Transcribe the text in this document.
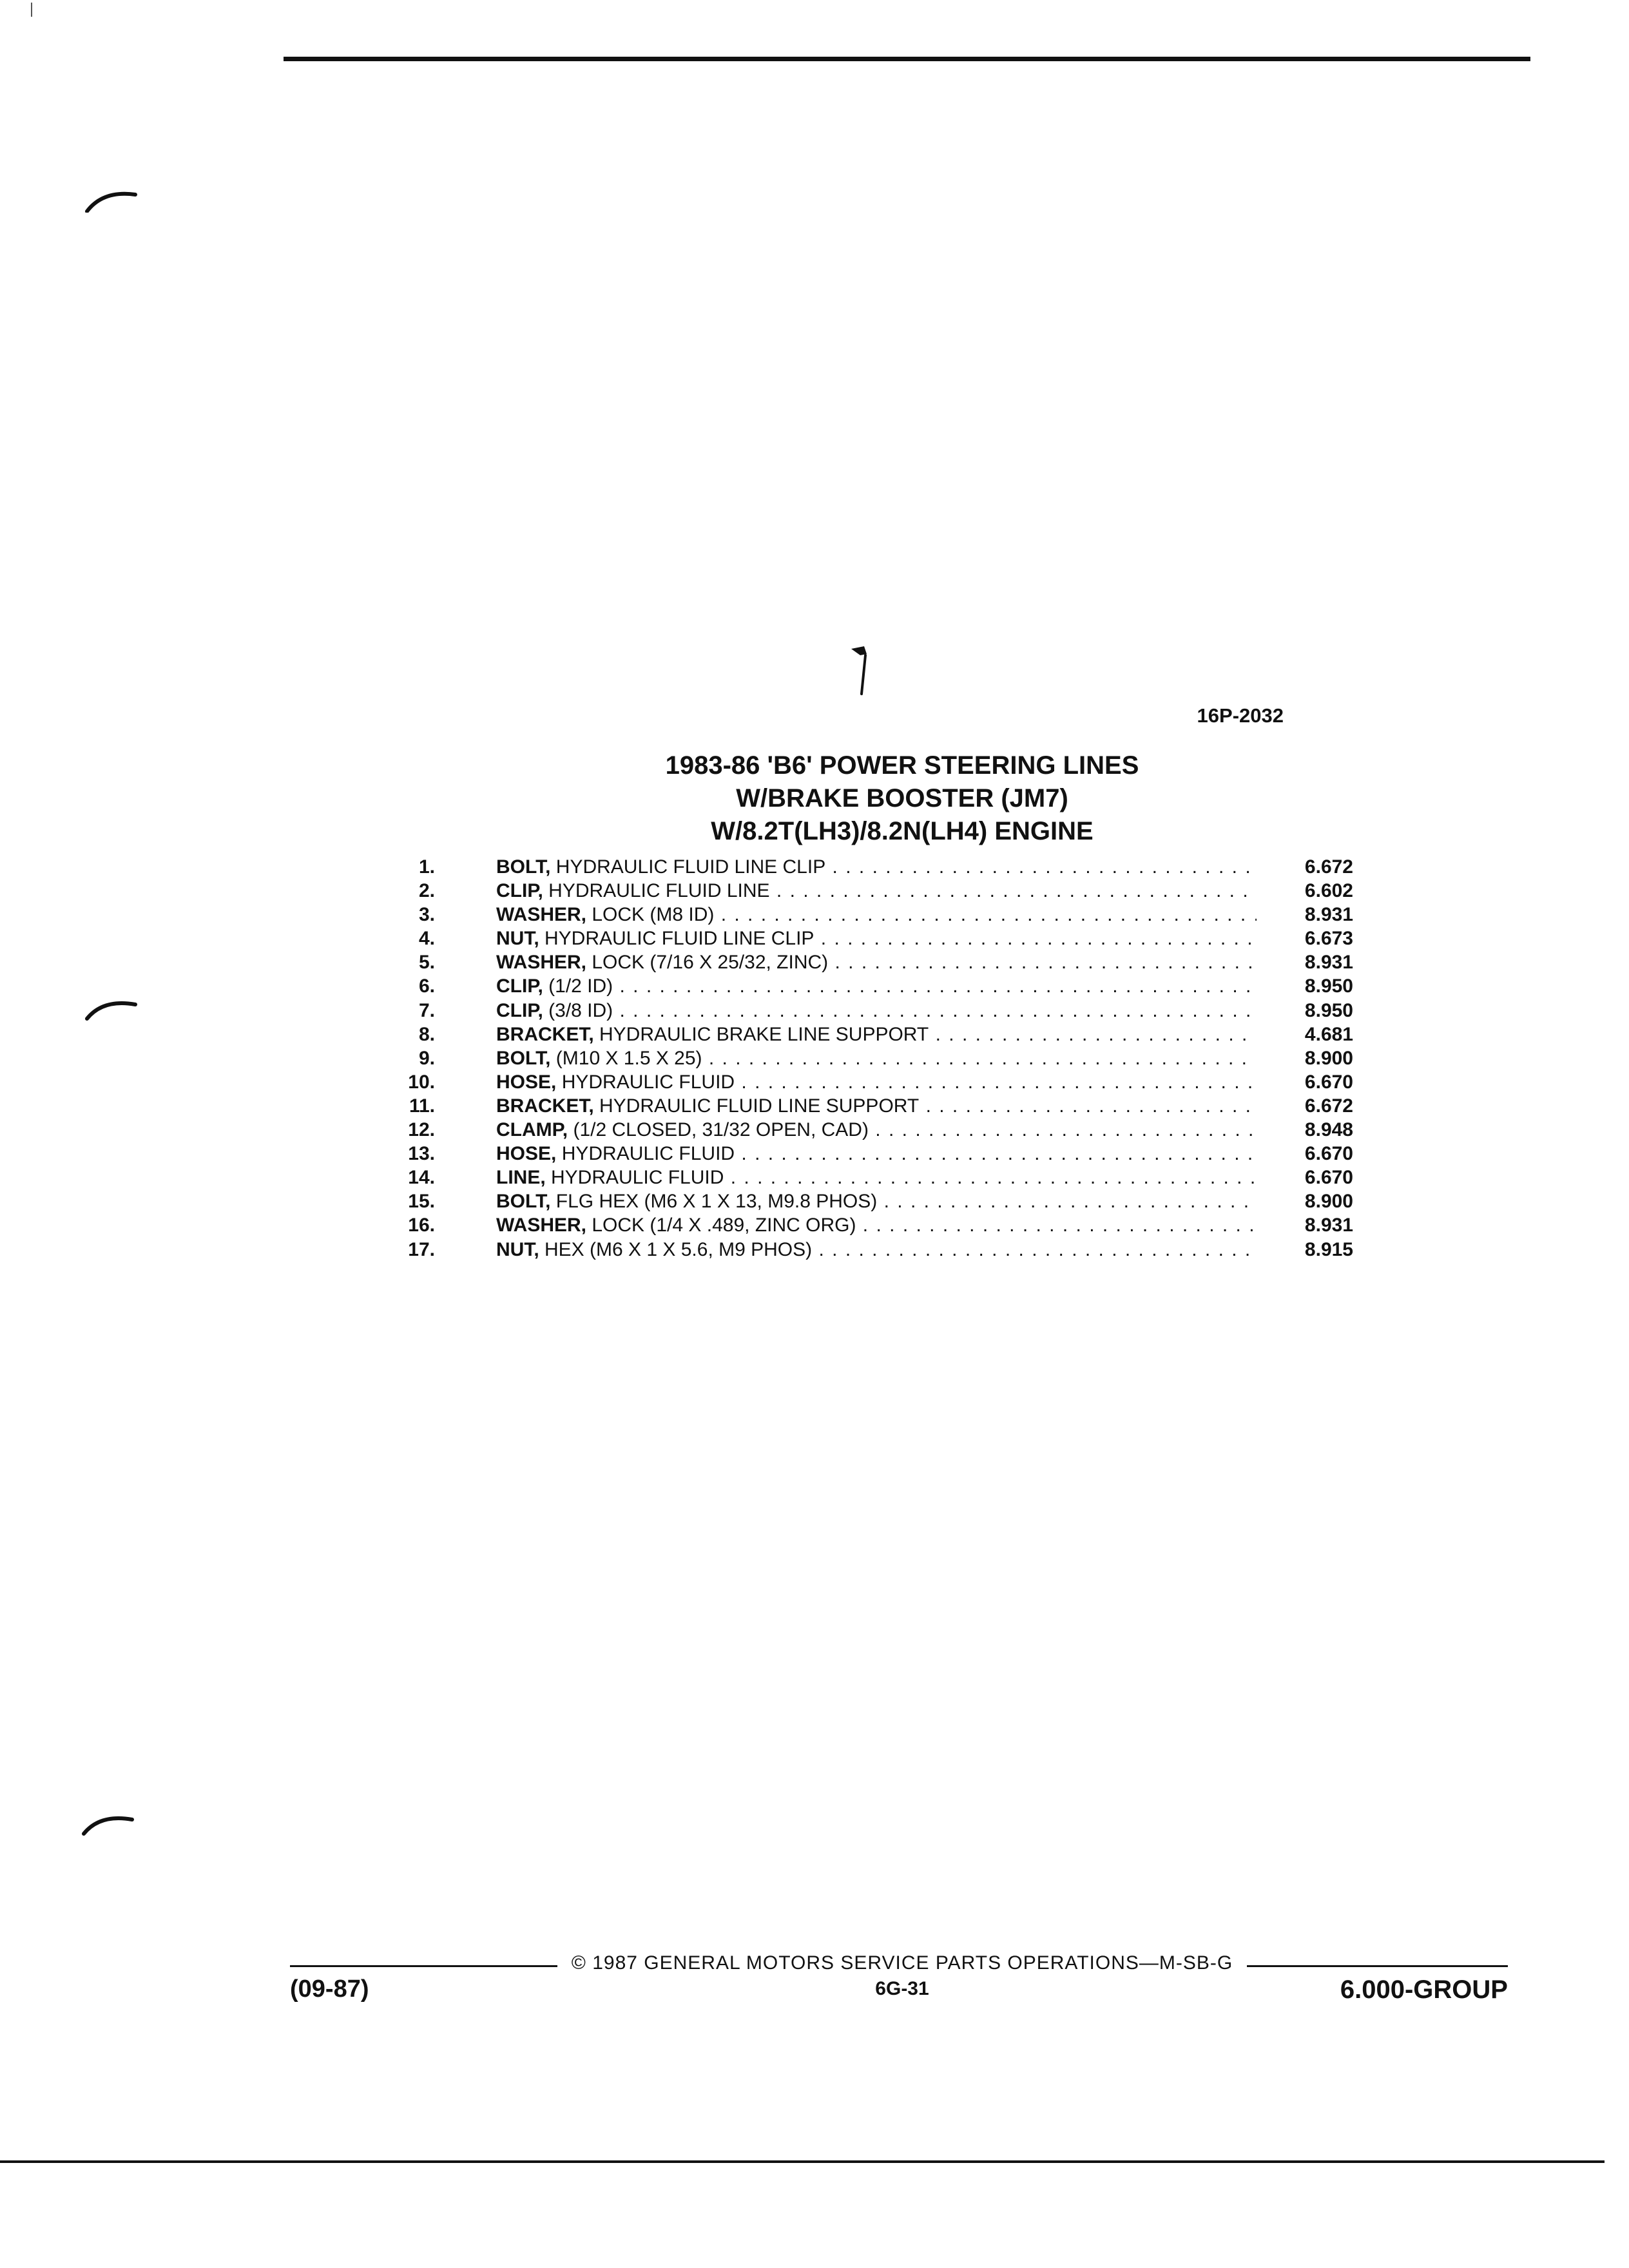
16P-2032
1983-86 'B6' POWER STEERING LINES
W/BRAKE BOOSTER (JM7)
W/8.2T(LH3)/8.2N(LH4) ENGINE
1.	BOLT, HYDRAULIC FLUID LINE CLIP . . .	6.672
2.	CLIP, HYDRAULIC FLUID LINE . . .	6.602
3.	WASHER, LOCK (M8 ID) . . .	8.931
4.	NUT, HYDRAULIC FLUID LINE CLIP . . .	6.673
5.	WASHER, LOCK (7/16 X 25/32, ZINC) . . .	8.931
6.	CLIP, (1/2 ID) . . .	8.950
7.	CLIP, (3/8 ID) . . .	8.950
8.	BRACKET, HYDRAULIC BRAKE LINE SUPPORT . . .	4.681
9.	BOLT, (M10 X 1.5 X 25) . . .	8.900
10.	HOSE, HYDRAULIC FLUID . . .	6.670
11.	BRACKET, HYDRAULIC FLUID LINE SUPPORT . . .	6.672
12.	CLAMP, (1/2 CLOSED, 31/32 OPEN, CAD) . . .	8.948
13.	HOSE, HYDRAULIC FLUID . . .	6.670
14.	LINE, HYDRAULIC FLUID . . .	6.670
15.	BOLT, FLG HEX (M6 X 1 X 13, M9.8 PHOS) . . .	8.900
16.	WASHER, LOCK (1/4 X .489, ZINC ORG) . . .	8.931
17.	NUT, HEX (M6 X 1 X 5.6, M9 PHOS) . . .	8.915
© 1987 GENERAL MOTORS SERVICE PARTS OPERATIONS—M-SB-G
(09-87)	6G-31	6.000-GROUP
